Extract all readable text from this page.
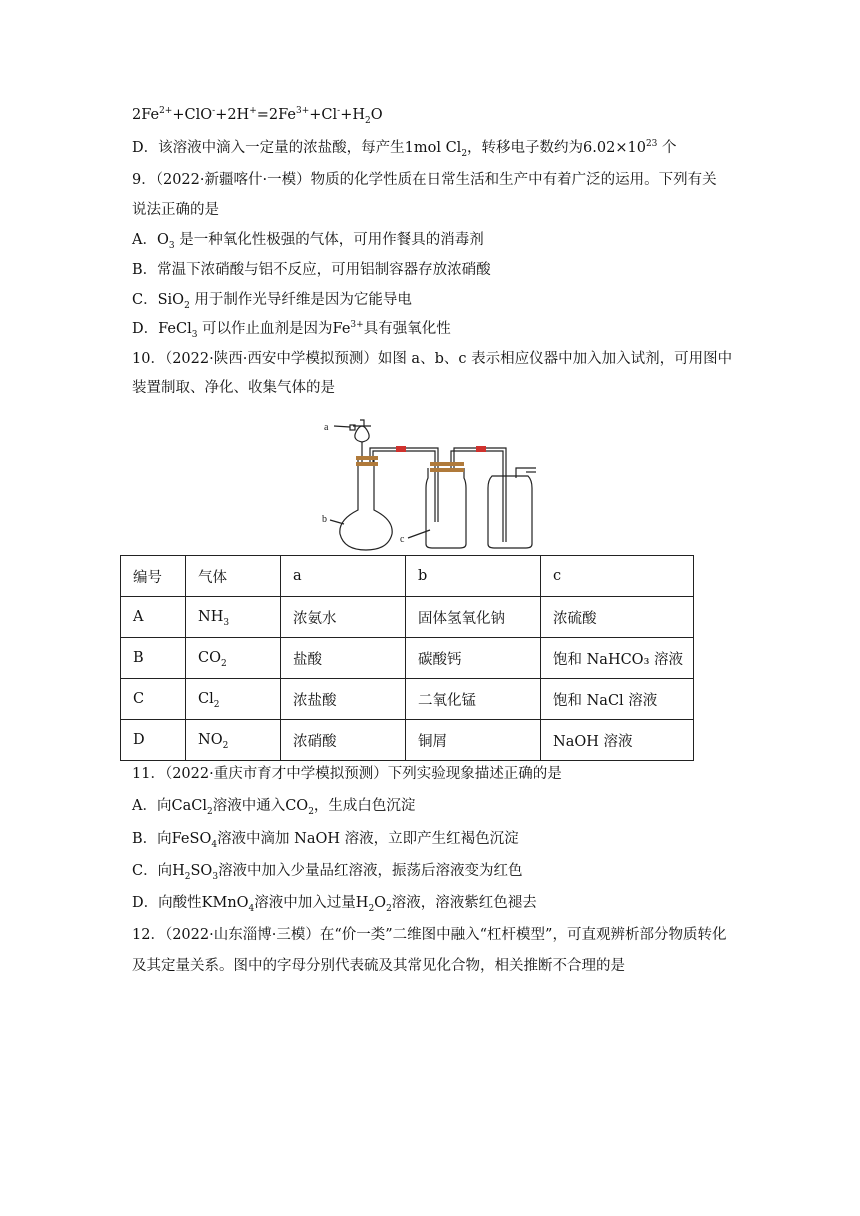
$2Fe^{2+}+ClO^-+2H^+=2Fe^{3+}+Cl^-+H_2O$
D．该溶液中滴入一定量的浓盐酸，每产生1mol $Cl_2$，转移电子数约为$6.02\times 10^{23}$ 个
9．（2022·新疆喀什·一模）物质的化学性质在日常生活和生产中有着广泛的运用。下列有关
说法正确的是
A．$O_3$ 是一种氧化性极强的气体，可用作餐具的消毒剂
B．常温下浓硝酸与铝不反应，可用铝制容器存放浓硝酸
C．SiO$_2$ 用于制作光导纤维是因为它能导电
D．FeCl$_3$ 可以作止血剂是因为$Fe^{3+}$具有强氧化性
10．（2022·陕西·西安中学模拟预测）如图 a、b、c 表示相应仪器中加入加入试剂，可用图中
装置制取、净化、收集气体的是
a
b
c
编号	气体	a	b	c
A	$NH_3$	浓氨水	固体氢氧化钠	浓硫酸
B	$CO_2$	盐酸	碳酸钙	饱和 NaHCO₃ 溶液
C	$Cl_2$	浓盐酸	二氧化锰	饱和 NaCl 溶液
D	$NO_2$	浓硝酸	铜屑	NaOH 溶液
11．（2022·重庆市育才中学模拟预测）下列实验现象描述正确的是
A．向CaCl$_2$溶液中通入$CO_2$，生成白色沉淀
B．向FeSO$_4$溶液中滴加 NaOH 溶液，立即产生红褐色沉淀
C．向$H_2SO_3$溶液中加入少量品红溶液，振荡后溶液变为红色
D．向酸性KMnO$_4$溶液中加入过量$H_2O_2$溶液，溶液紫红色褪去
12．（2022·山东淄博·三模）在“价一类”二维图中融入“杠杆模型”，可直观辨析部分物质转化
及其定量关系。图中的字母分别代表硫及其常见化合物，相关推断不合理的是
